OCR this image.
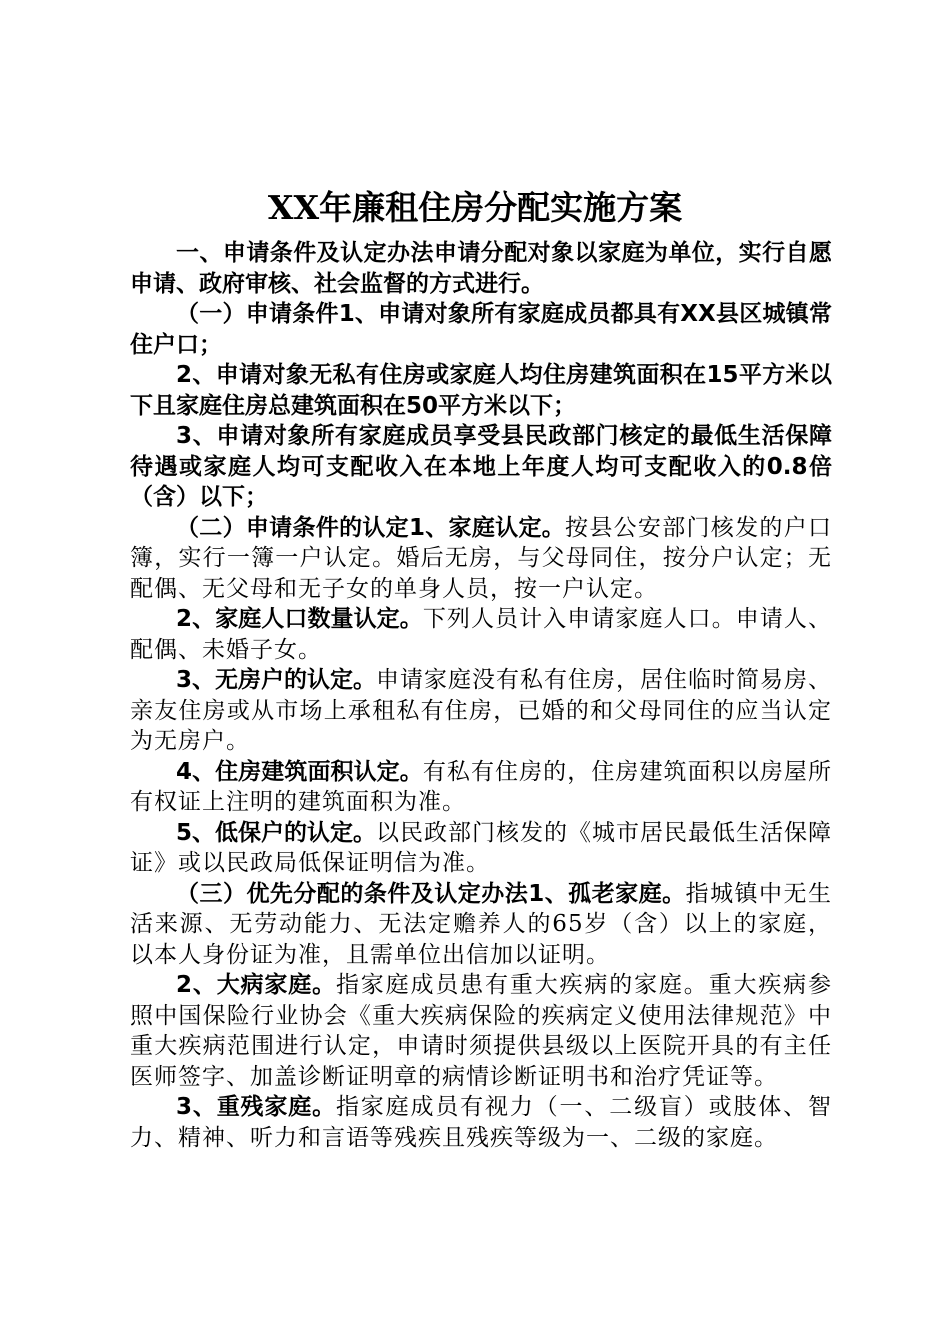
XX年廉租住房分配实施方案

一、申请条件及认定办法申请分配对象以家庭为单位，实行自愿申请、政府审核、社会监督的方式进行。

（一）申请条件1、申请对象所有家庭成员都具有XX县区城镇常住户口；

2、申请对象无私有住房或家庭人均住房建筑面积在15平方米以下且家庭住房总建筑面积在50平方米以下；

3、申请对象所有家庭成员享受县民政部门核定的最低生活保障待遇或家庭人均可支配收入在本地上年度人均可支配收入的0.8倍（含）以下；

（二）申请条件的认定1、家庭认定。按县公安部门核发的户口簿，实行一簿一户认定。婚后无房，与父母同住，按分户认定；无配偶、无父母和无子女的单身人员，按一户认定。

2、家庭人口数量认定。下列人员计入申请家庭人口。申请人、配偶、未婚子女。

3、无房户的认定。申请家庭没有私有住房，居住临时简易房、亲友住房或从市场上承租私有住房，已婚的和父母同住的应当认定为无房户。

4、住房建筑面积认定。有私有住房的，住房建筑面积以房屋所有权证上注明的建筑面积为准。

5、低保户的认定。以民政部门核发的《城市居民最低生活保障证》或以民政局低保证明信为准。

（三）优先分配的条件及认定办法1、孤老家庭。指城镇中无生活来源、无劳动能力、无法定赡养人的65岁（含）以上的家庭，以本人身份证为准，且需单位出信加以证明。

2、大病家庭。指家庭成员患有重大疾病的家庭。重大疾病参照中国保险行业协会《重大疾病保险的疾病定义使用法律规范》中重大疾病范围进行认定，申请时须提供县级以上医院开具的有主任医师签字、加盖诊断证明章的病情诊断证明书和治疗凭证等。

3、重残家庭。指家庭成员有视力（一、二级盲）或肢体、智力、精神、听力和言语等残疾且残疾等级为一、二级的家庭。
